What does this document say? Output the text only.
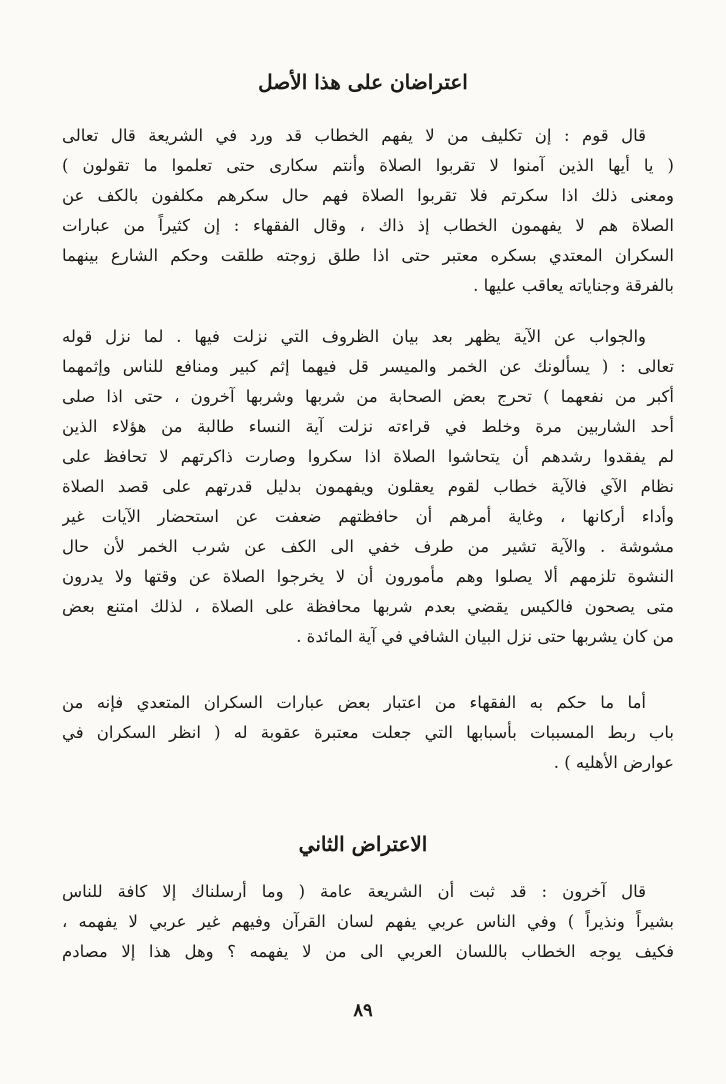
اعتراضان على هذا الأصل
قال قوم : إن تكليف من لا يفهم الخطاب قد ورد في الشريعة قال تعالى
( يا أيها الذين آمنوا لا تقربوا الصلاة وأنتم سكارى حتى تعلموا ما تقولون )
ومعنى ذلك اذا سكرتم فلا تقربوا الصلاة فهم حال سكرهم مكلفون بالكف عن
الصلاة هم لا يفهمون الخطاب إذ ذاك ، وقال الفقهاء : إن كثيراً من عبارات
السكران المعتدي بسكره معتبر حتى اذا طلق زوجته طلقت وحكم الشارع بينهما
بالفرقة وجناياته يعاقب عليها .
والجواب عن الآية يظهر بعد بيان الظروف التي نزلت فيها . لما نزل قوله
تعالى : ( يسألونك عن الخمر والميسر قل فيهما إثم كبير ومنافع للناس وإثمهما
أكبر من نفعهما ) تحرج بعض الصحابة من شربها وشربها آخرون ، حتى اذا صلى
أحد الشاربين مرة وخلط في قراءته نزلت آية النساء طالبة من هؤلاء الذين
لم يفقدوا رشدهم أن يتحاشوا الصلاة اذا سكروا وصارت ذاكرتهم لا تحافظ على
نظام الآي فالآية خطاب لقوم يعقلون ويفهمون بدليل قدرتهم على قصد الصلاة
وأداء أركانها ، وغاية أمرهم أن حافظتهم ضعفت عن استحضار الآيات غير
مشوشة . والآية تشير من طرف خفي الى الكف عن شرب الخمر لأن حال
النشوة تلزمهم ألا يصلوا وهم مأمورون أن لا يخرجوا الصلاة عن وقتها ولا يدرون
متى يصحون فالكيس يقضي بعدم شربها محافظة على الصلاة ، لذلك امتنع بعض
من كان يشربها حتى نزل البيان الشافي في آية المائدة .
أما ما حكم به الفقهاء من اعتبار بعض عبارات السكران المتعدي فإنه من
باب ربط المسببات بأسبابها التي جعلت معتبرة عقوبة له ( انظر السكران في
عوارض الأهليه ) .
الاعتراض الثاني
قال آخرون : قد ثبت أن الشريعة عامة ( وما أرسلناك إلا كافة للناس
بشيراً ونذيراً ) وفي الناس عربي يفهم لسان القرآن وفيهم غير عربي لا يفهمه ،
فكيف يوجه الخطاب باللسان العربي الى من لا يفهمه ؟ وهل هذا إلا مصادم
٨٩
